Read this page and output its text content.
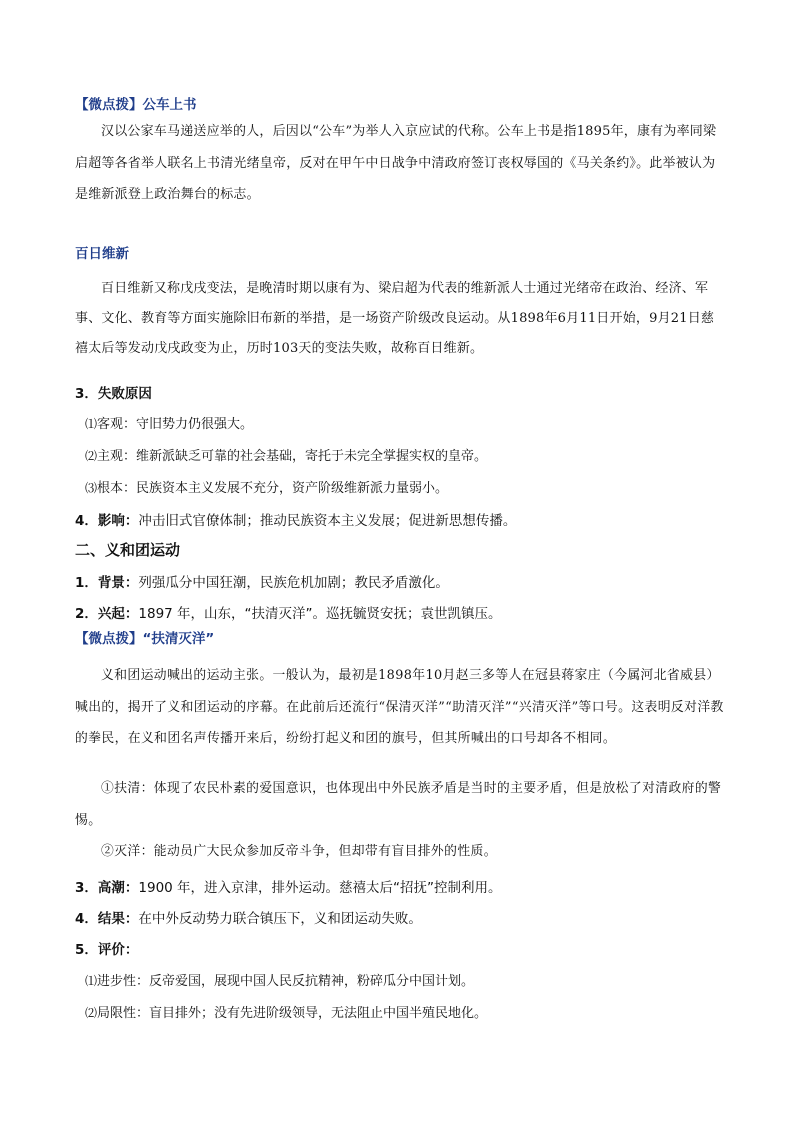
【微点拨】公车上书
汉以公家车马递送应举的人，后因以“公车”为举人入京应试的代称。公车上书是指1895年，康有为率同梁启超等各省举人联名上书清光绪皇帝，反对在甲午中日战争中清政府签订丧权辱国的《马关条约》。此举被认为是维新派登上政治舞台的标志。
百日维新
百日维新又称戊戌变法，是晚清时期以康有为、梁启超为代表的维新派人士通过光绪帝在政治、经济、军事、文化、教育等方面实施除旧布新的举措，是一场资产阶级改良运动。从1898年6月11日开始，9月21日慈禧太后等发动戊戌政变为止，历时103天的变法失败，故称百日维新。
3．失败原因
⑴客观：守旧势力仍很强大。
⑵主观：维新派缺乏可靠的社会基础，寄托于未完全掌握实权的皇帝。
⑶根本：民族资本主义发展不充分，资产阶级维新派力量弱小。
4．影响：冲击旧式官僚体制；推动民族资本主义发展；促进新思想传播。
二、义和团运动
1．背景：列强瓜分中国狂潮，民族危机加剧；教民矛盾激化。
2．兴起：1897 年，山东，“扶清灭洋”。巡抚毓贤安抚；袁世凯镇压。
【微点拨】“扶清灭洋”
义和团运动喊出的运动主张。一般认为，最初是1898年10月赵三多等人在冠县蒋家庄（今属河北省威县）喊出的，揭开了义和团运动的序幕。在此前后还流行“保清灭洋”“助清灭洋”“兴清灭洋”等口号。这表明反对洋教的拳民，在义和团名声传播开来后，纷纷打起义和团的旗号，但其所喊出的口号却各不相同。
①扶清：体现了农民朴素的爱国意识，也体现出中外民族矛盾是当时的主要矛盾，但是放松了对清政府的警惕。
②灭洋：能动员广大民众参加反帝斗争，但却带有盲目排外的性质。
3．高潮：1900 年，进入京津，排外运动。慈禧太后“招抚”控制利用。
4．结果：在中外反动势力联合镇压下，义和团运动失败。
5．评价：
⑴进步性：反帝爱国，展现中国人民反抗精神，粉碎瓜分中国计划。
⑵局限性：盲目排外；没有先进阶级领导，无法阻止中国半殖民地化。
